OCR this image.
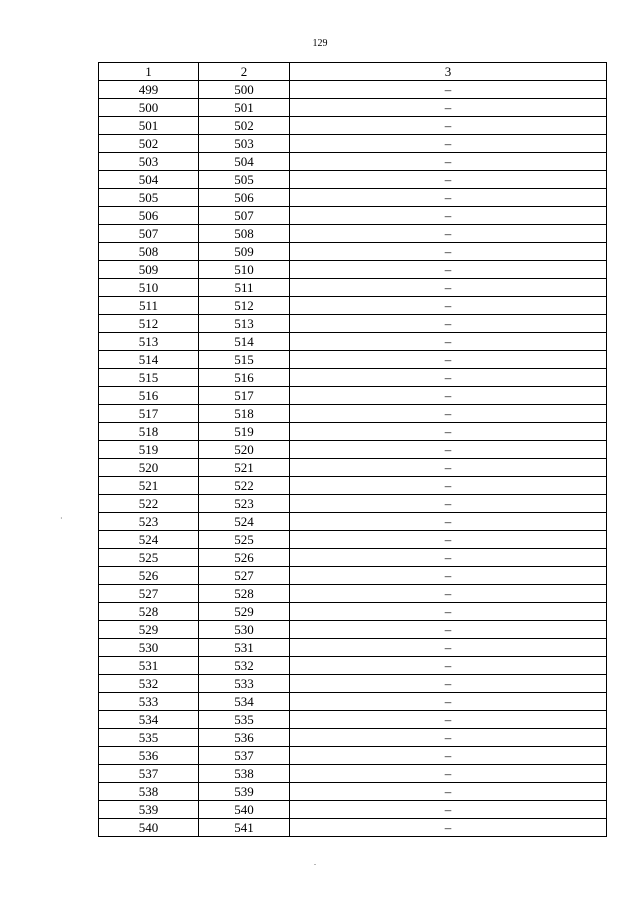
129
·
.
1	2	3
499	500	–
500	501	–
501	502	–
502	503	–
503	504	–
504	505	–
505	506	–
506	507	–
507	508	–
508	509	–
509	510	–
510	511	–
511	512	–
512	513	–
513	514	–
514	515	–
515	516	–
516	517	–
517	518	–
518	519	–
519	520	–
520	521	–
521	522	–
522	523	–
523	524	–
524	525	–
525	526	–
526	527	–
527	528	–
528	529	–
529	530	–
530	531	–
531	532	–
532	533	–
533	534	–
534	535	–
535	536	–
536	537	–
537	538	–
538	539	–
539	540	–
540	541	–
